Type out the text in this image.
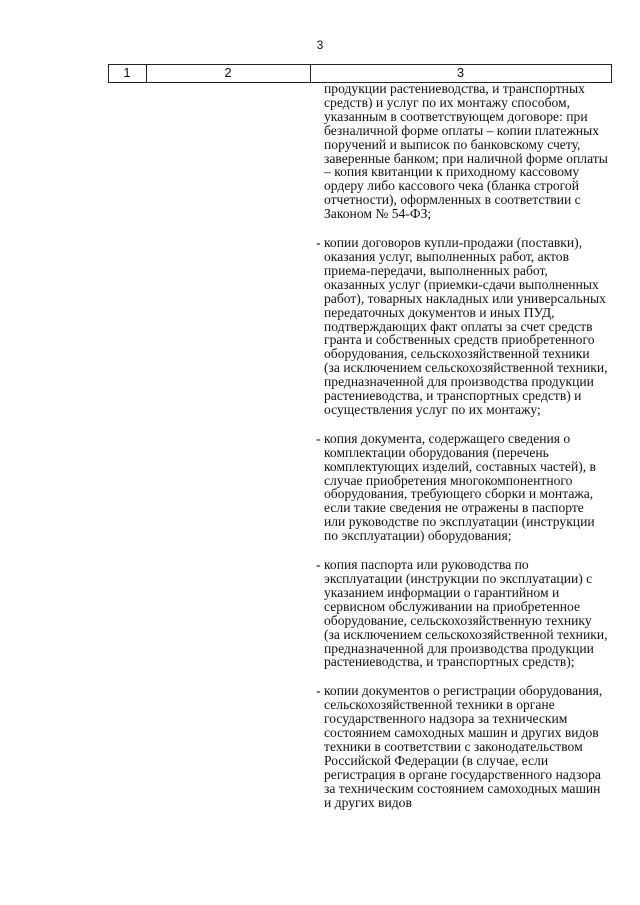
3
1	2	3

продукции растениеводства, и транспортных средств) и услуг по их монтажу способом, указанным в соответствующем договоре: при безналичной форме оплаты – копии платежных поручений и выписок по банковскому счету, заверенные банком; при наличной форме оплаты – копия квитанции к приходному кассовому ордеру либо кассового чека (бланка строгой отчетности), оформленных в соответствии с Законом № 54-ФЗ;

- копии договоров купли-продажи (поставки), оказания услуг, выполненных работ, актов приема-передачи, выполненных работ, оказанных услуг (приемки-сдачи выполненных работ), товарных накладных или универсальных передаточных документов и иных ПУД, подтверждающих факт оплаты за счет средств гранта и собственных средств приобретенного оборудования, сельскохозяйственной техники (за исключением сельскохозяйственной техники, предназначенной для производства продукции растениеводства, и транспортных средств) и осуществления услуг по их монтажу;
- копия документа, содержащего сведения о комплектации оборудования (перечень комплектующих изделий, составных частей), в случае приобретения многокомпонентного оборудования, требующего сборки и монтажа, если такие сведения не отражены в паспорте или руководстве по эксплуатации (инструкции по эксплуатации) оборудования;
- копия паспорта или руководства по эксплуатации (инструкции по эксплуатации) с указанием информации о гарантийном и сервисном обслуживании на приобретенное оборудование, сельскохозяйственную технику (за исключением сельскохозяйственной техники, предназначенной для производства продукции растениеводства, и транспортных средств);
- копии документов о регистрации оборудования, сельскохозяйственной техники в органе государственного надзора за техническим состоянием самоходных машин и других видов техники в соответствии с законодательством Российской Федерации (в случае, если регистрация в органе государственного надзора за техническим состоянием самоходных машин и других видов
